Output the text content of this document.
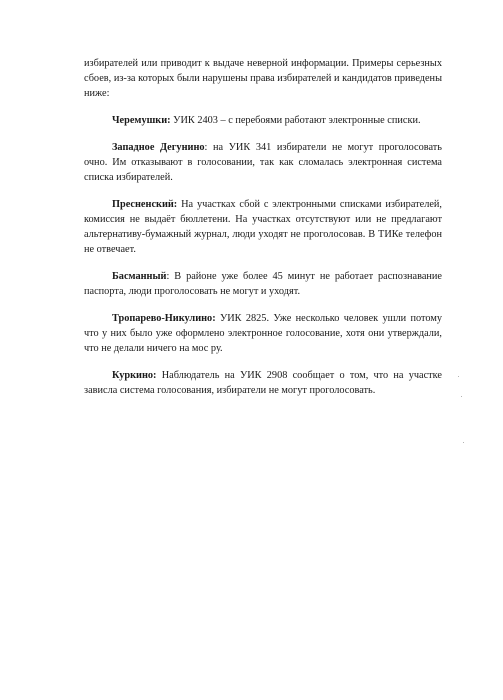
избирателей или приводит к выдаче неверной информации. Примеры серьезных сбоев, из-за которых были нарушены права избирателей и кандидатов приведены ниже:

Черемушки: УИК 2403 – с перебоями работают электронные списки.

Западное Дегунино: на УИК 341 избиратели не могут проголосовать очно. Им отказывают в голосовании, так как сломалась электронная система списка избирателей.

Пресненский: На участках сбой с электронными списками избирателей, комиссия не выдаёт бюллетени. На участках отсутствуют или не предлагают альтернативу-бумажный журнал, люди уходят не проголосовав. В ТИКе телефон не отвечает.

Басманный: В районе уже более 45 минут не работает распознавание паспорта, люди проголосовать не могут и уходят.

Тропарево-Никулино: УИК 2825. Уже несколько человек ушли потому что у них было уже оформлено электронное голосование, хотя они утверждали, что не делали ничего на мос ру.

Куркино: Наблюдатель на УИК 2908 сообщает о том, что на участке зависла система голосования, избиратели не могут проголосовать.
